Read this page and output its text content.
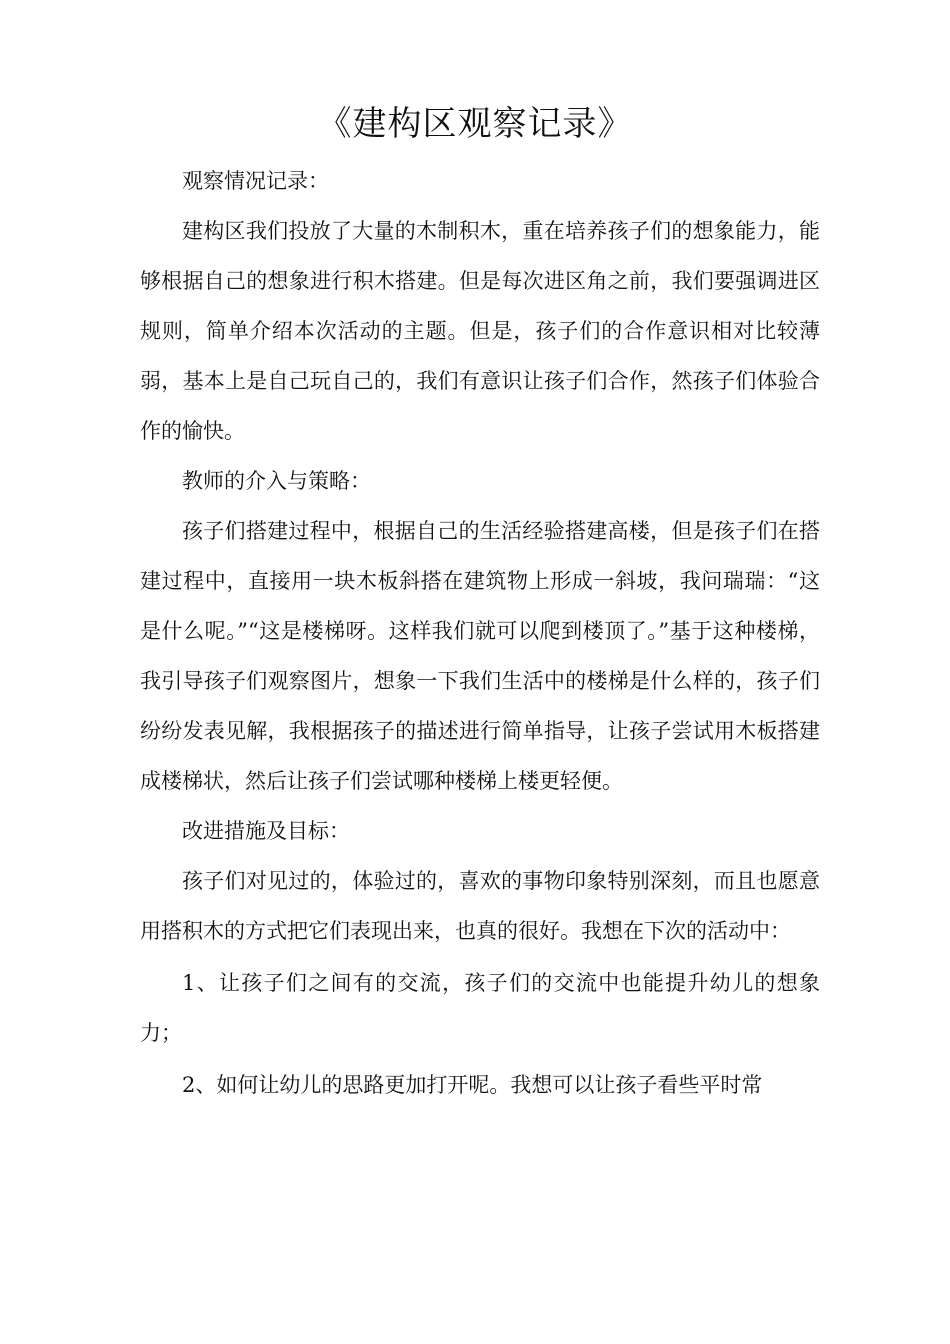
《建构区观察记录》

观察情况记录：

建构区我们投放了大量的木制积木，重在培养孩子们的想象能力，能够根据自己的想象进行积木搭建。但是每次进区角之前，我们要强调进区规则，简单介绍本次活动的主题。但是，孩子们的合作意识相对比较薄弱，基本上是自己玩自己的，我们有意识让孩子们合作，然孩子们体验合作的愉快。

教师的介入与策略：

孩子们搭建过程中，根据自己的生活经验搭建高楼，但是孩子们在搭建过程中，直接用一块木板斜搭在建筑物上形成一斜坡，我问瑞瑞：“这是什么呢。”“这是楼梯呀。这样我们就可以爬到楼顶了。”基于这种楼梯，我引导孩子们观察图片，想象一下我们生活中的楼梯是什么样的，孩子们纷纷发表见解，我根据孩子的描述进行简单指导，让孩子尝试用木板搭建成楼梯状，然后让孩子们尝试哪种楼梯上楼更轻便。

改进措施及目标：

孩子们对见过的，体验过的，喜欢的事物印象特别深刻，而且也愿意用搭积木的方式把它们表现出来，也真的很好。我想在下次的活动中：

1、让孩子们之间有的交流，孩子们的交流中也能提升幼儿的想象力；

2、如何让幼儿的思路更加打开呢。我想可以让孩子看些平时常
